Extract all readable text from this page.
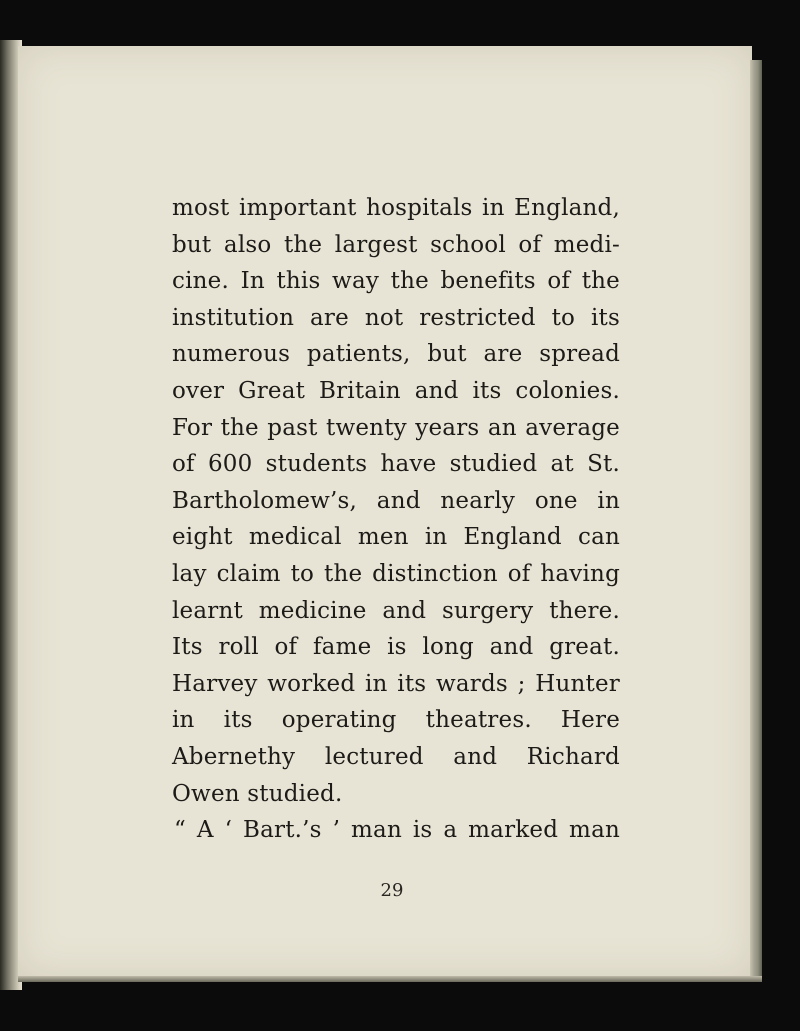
most important hospitals in England,
but also the largest school of medi-
cine. In this way the benefits of the
institution are not restricted to its
numerous patients, but are spread
over Great Britain and its colonies.
For the past twenty years an average
of 600 students have studied at St.
Bartholomew’s, and nearly one in
eight medical men in England can
lay claim to the distinction of having
learnt medicine and surgery there.
Its roll of fame is long and great.
Harvey worked in its wards ; Hunter
in its operating theatres. Here
Abernethy lectured and Richard
Owen studied.
“ A ‘ Bart.’s ’ man is a marked man
29
